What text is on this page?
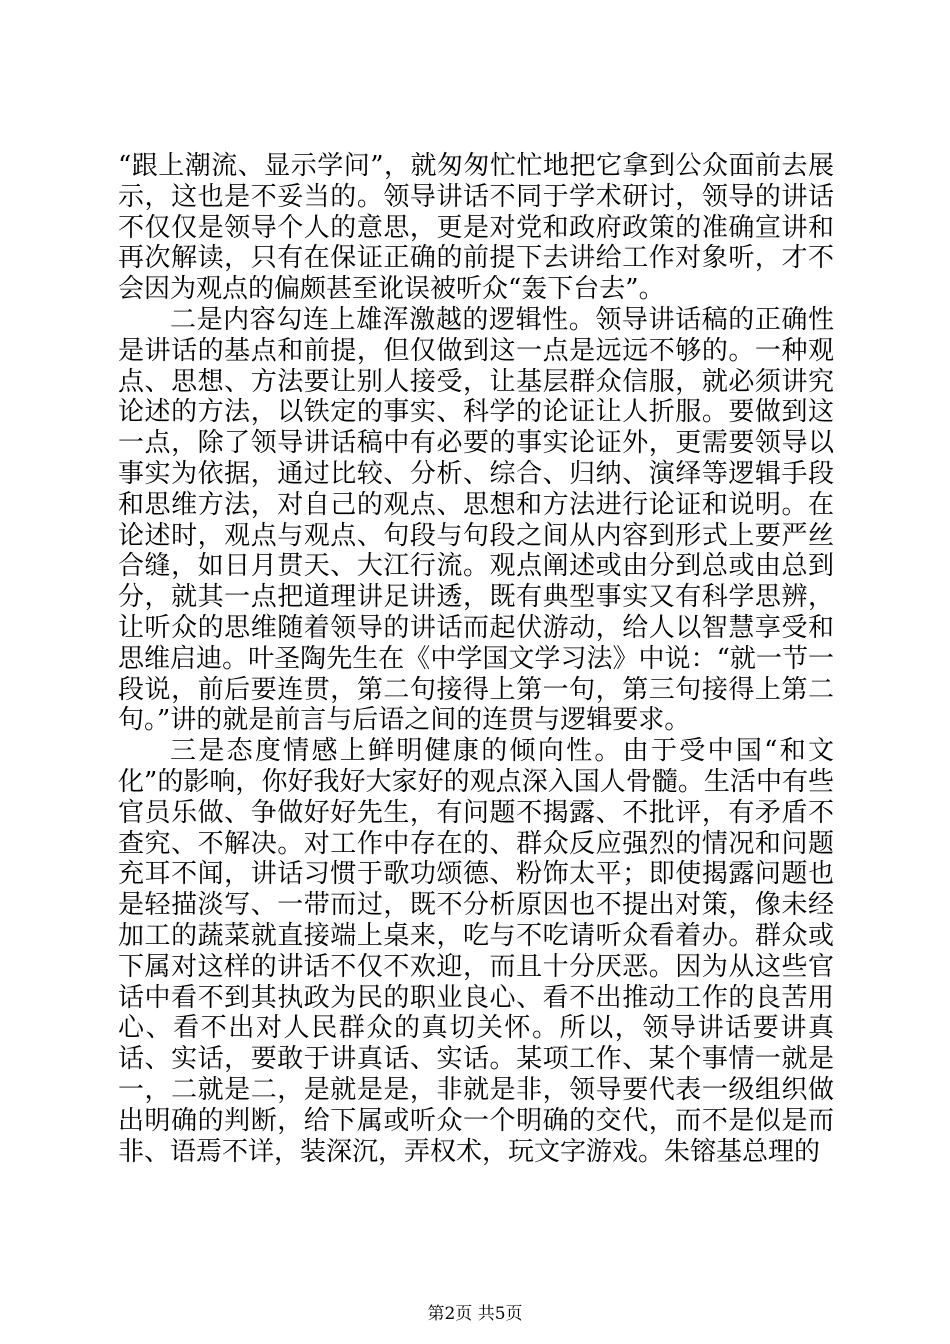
“跟上潮流、显示学问”，就匆匆忙忙地把它拿到公众面前去展示，这也是不妥当的。领导讲话不同于学术研讨，领导的讲话不仅仅是领导个人的意思，更是对党和政府政策的准确宣讲和再次解读，只有在保证正确的前提下去讲给工作对象听，才不会因为观点的偏颇甚至讹误被听众“轰下台去”。

二是内容勾连上雄浑激越的逻辑性。领导讲话稿的正确性是讲话的基点和前提，但仅做到这一点是远远不够的。一种观点、思想、方法要让别人接受，让基层群众信服，就必须讲究论述的方法，以铁定的事实、科学的论证让人折服。要做到这一点，除了领导讲话稿中有必要的事实论证外，更需要领导以事实为依据，通过比较、分析、综合、归纳、演绎等逻辑手段和思维方法，对自己的观点、思想和方法进行论证和说明。在论述时，观点与观点、句段与句段之间从内容到形式上要严丝合缝，如日月贯天、大江行流。观点阐述或由分到总或由总到分，就其一点把道理讲足讲透，既有典型事实又有科学思辨，让听众的思维随着领导的讲话而起伏游动，给人以智慧享受和思维启迪。叶圣陶先生在《中学国文学习法》中说：“就一节一段说，前后要连贯，第二句接得上第一句，第三句接得上第二句。”讲的就是前言与后语之间的连贯与逻辑要求。

三是态度情感上鲜明健康的倾向性。由于受中国“和文化”的影响，你好我好大家好的观点深入国人骨髓。生活中有些官员乐做、争做好好先生，有问题不揭露、不批评，有矛盾不查究、不解决。对工作中存在的、群众反应强烈的情况和问题充耳不闻，讲话习惯于歌功颂德、粉饰太平；即使揭露问题也是轻描淡写、一带而过，既不分析原因也不提出对策，像未经加工的蔬菜就直接端上桌来，吃与不吃请听众看着办。群众或下属对这样的讲话不仅不欢迎，而且十分厌恶。因为从这些官话中看不到其执政为民的职业良心、看不出推动工作的良苦用心、看不出对人民群众的真切关怀。所以，领导讲话要讲真话、实话，要敢于讲真话、实话。某项工作、某个事情一就是一，二就是二，是就是是，非就是非，领导要代表一级组织做出明确的判断，给下属或听众一个明确的交代，而不是似是而非、语焉不详，装深沉，弄权术，玩文字游戏。朱镕基总理的

第2页 共5页
